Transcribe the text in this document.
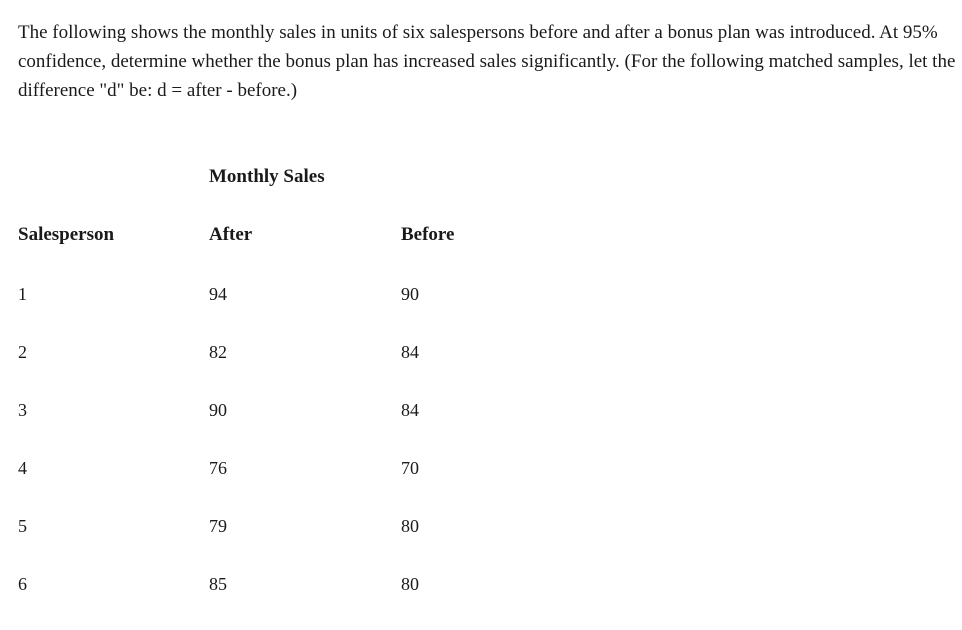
The following shows the monthly sales in units of six salespersons before and after a bonus plan was introduced. At 95% confidence, determine whether the bonus plan has increased sales significantly. (For the following matched samples, let the difference "d" be: d = after - before.)

Monthly Sales

Salesperson	After	Before

1	94	90

2	82	84

3	90	84

4	76	70

5	79	80

6	85	80
